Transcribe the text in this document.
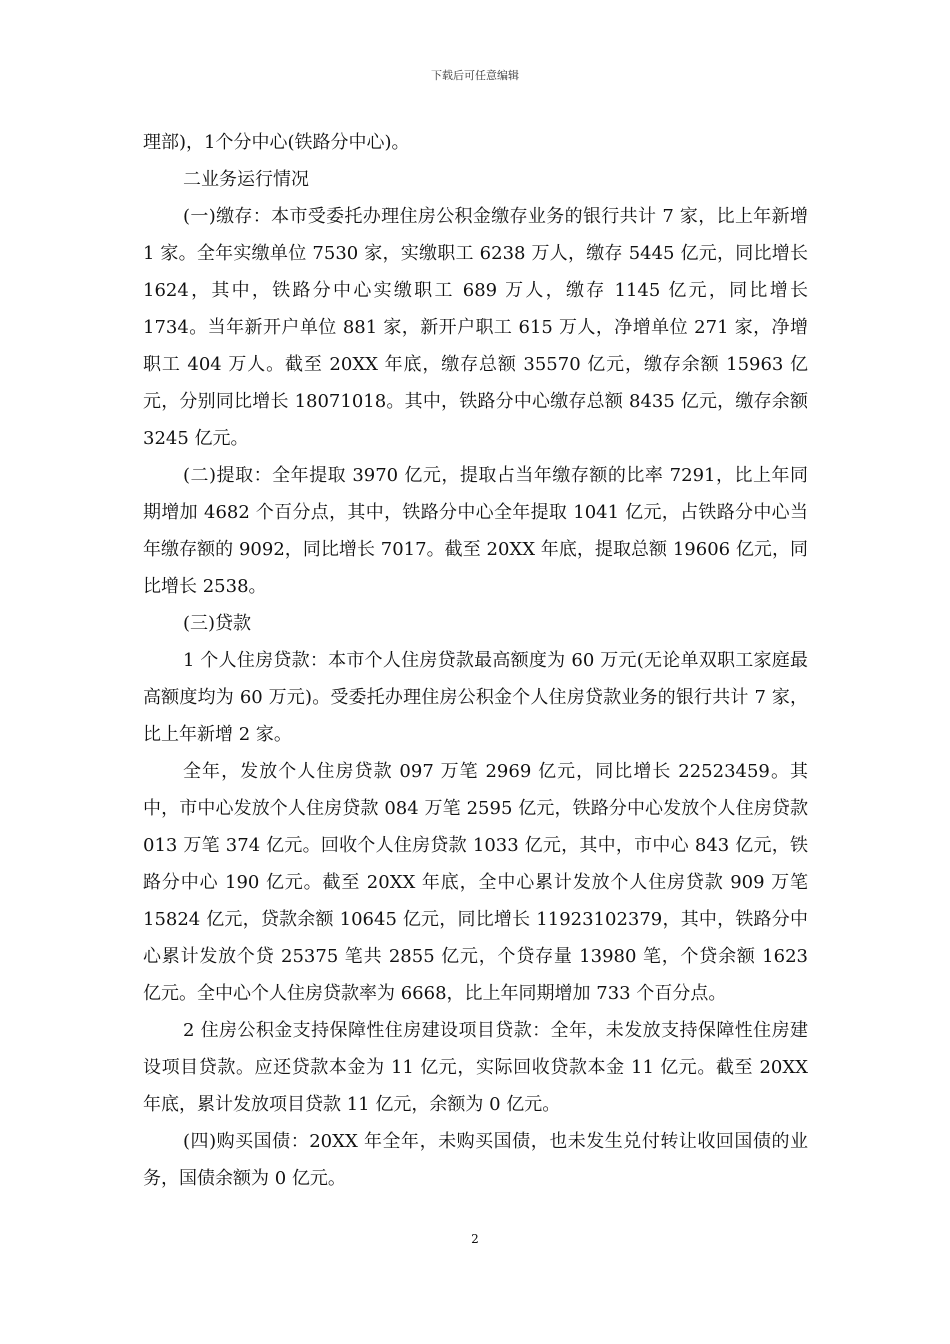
下载后可任意编辑

理部)，1个分中心(铁路分中心)。

二业务运行情况

(一)缴存：本市受委托办理住房公积金缴存业务的银行共计 7 家，比上年新增 1 家。全年实缴单位 7530 家，实缴职工 6238 万人，缴存 5445 亿元，同比增长 1624，其中，铁路分中心实缴职工 689 万人，缴存 1145 亿元，同比增长 1734。当年新开户单位 881 家，新开户职工 615 万人，净增单位 271 家，净增职工 404 万人。截至 20XX 年底，缴存总额 35570 亿元，缴存余额 15963 亿元，分别同比增长 18071018。其中，铁路分中心缴存总额 8435 亿元，缴存余额 3245 亿元。

(二)提取：全年提取 3970 亿元，提取占当年缴存额的比率 7291，比上年同期增加 4682 个百分点，其中，铁路分中心全年提取 1041 亿元，占铁路分中心当年缴存额的 9092，同比增长 7017。截至 20XX 年底，提取总额 19606 亿元，同比增长 2538。

(三)贷款

1 个人住房贷款：本市个人住房贷款最高额度为 60 万元(无论单双职工家庭最高额度均为 60 万元)。受委托办理住房公积金个人住房贷款业务的银行共计 7 家，比上年新增 2 家。

全年，发放个人住房贷款 097 万笔 2969 亿元，同比增长 22523459。其中，市中心发放个人住房贷款 084 万笔 2595 亿元，铁路分中心发放个人住房贷款 013 万笔 374 亿元。回收个人住房贷款 1033 亿元，其中，市中心 843 亿元，铁路分中心 190 亿元。截至 20XX 年底，全中心累计发放个人住房贷款 909 万笔 15824 亿元，贷款余额 10645 亿元，同比增长 11923102379，其中，铁路分中心累计发放个贷 25375 笔共 2855 亿元，个贷存量 13980 笔，个贷余额 1623 亿元。全中心个人住房贷款率为 6668，比上年同期增加 733 个百分点。

2 住房公积金支持保障性住房建设项目贷款：全年，未发放支持保障性住房建设项目贷款。应还贷款本金为 11 亿元，实际回收贷款本金 11 亿元。截至 20XX 年底，累计发放项目贷款 11 亿元，余额为 0 亿元。

(四)购买国债：20XX 年全年，未购买国债，也未发生兑付转让收回国债的业务，国债余额为 0 亿元。

2
